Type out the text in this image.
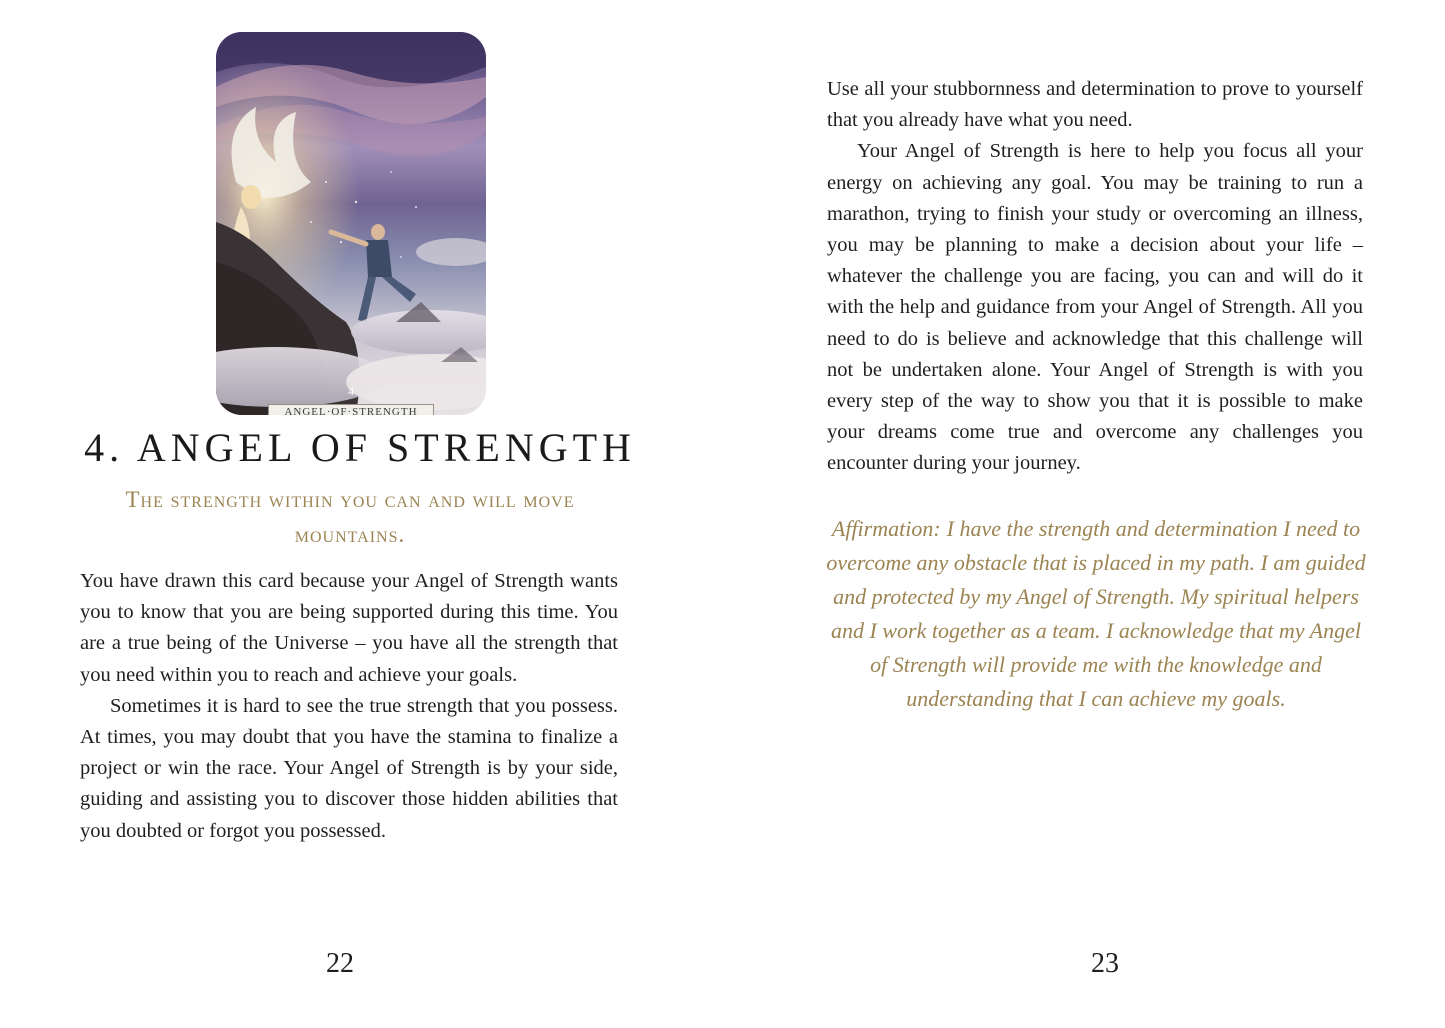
4
ANGEL·OF·STRENGTH
4. ANGEL OF STRENGTH

The strength within you can and will move mountains.

You have drawn this card because your Angel of Strength wants you to know that you are being supported during this time. You are a true being of the Universe – you have all the strength that you need within you to reach and achieve your goals.

Sometimes it is hard to see the true strength that you possess. At times, you may doubt that you have the stamina to finalize a project or win the race. Your Angel of Strength is by your side, guiding and assisting you to discover those hidden abilities that you doubted or forgot you possessed.

22

Use all your stubbornness and determination to prove to yourself that you already have what you need.

Your Angel of Strength is here to help you focus all your energy on achieving any goal. You may be training to run a marathon, trying to finish your study or overcoming an illness, you may be planning to make a decision about your life – whatever the challenge you are facing, you can and will do it with the help and guidance from your Angel of Strength. All you need to do is believe and acknowledge that this challenge will not be undertaken alone. Your Angel of Strength is with you every step of the way to show you that it is possible to make your dreams come true and overcome any challenges you encounter during your journey.

Affirmation: I have the strength and determination I need to overcome any obstacle that is placed in my path. I am guided and protected by my Angel of Strength. My spiritual helpers and I work together as a team. I acknowledge that my Angel of Strength will provide me with the knowledge and understanding that I can achieve my goals.

23
